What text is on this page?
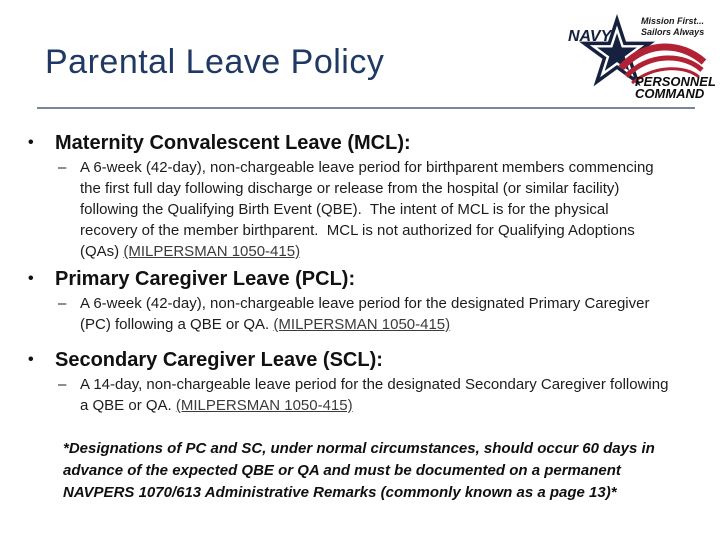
Parental Leave Policy
NAVY
Mission First...
Sailors Always
PERSONNEL
COMMAND
•	Maternity Convalescent Leave (MCL):
– A 6-week (42-day), non-chargeable leave period for birthparent members commencing the first full day following discharge or release from the hospital (or similar facility) following the Qualifying Birth Event (QBE).  The intent of MCL is for the physical recovery of the member birthparent.  MCL is not authorized for Qualifying Adoptions (QAs) (MILPERSMAN 1050-415)
•	Primary Caregiver Leave (PCL):
– A 6-week (42-day), non-chargeable leave period for the designated Primary Caregiver (PC) following a QBE or QA. (MILPERSMAN 1050-415)
•	Secondary Caregiver Leave (SCL):
– A 14-day, non-chargeable leave period for the designated Secondary Caregiver following a QBE or QA. (MILPERSMAN 1050-415)
*Designations of PC and SC, under normal circumstances, should occur 60 days in advance of the expected QBE or QA and must be documented on a permanent NAVPERS 1070/613 Administrative Remarks (commonly known as a page 13)*
